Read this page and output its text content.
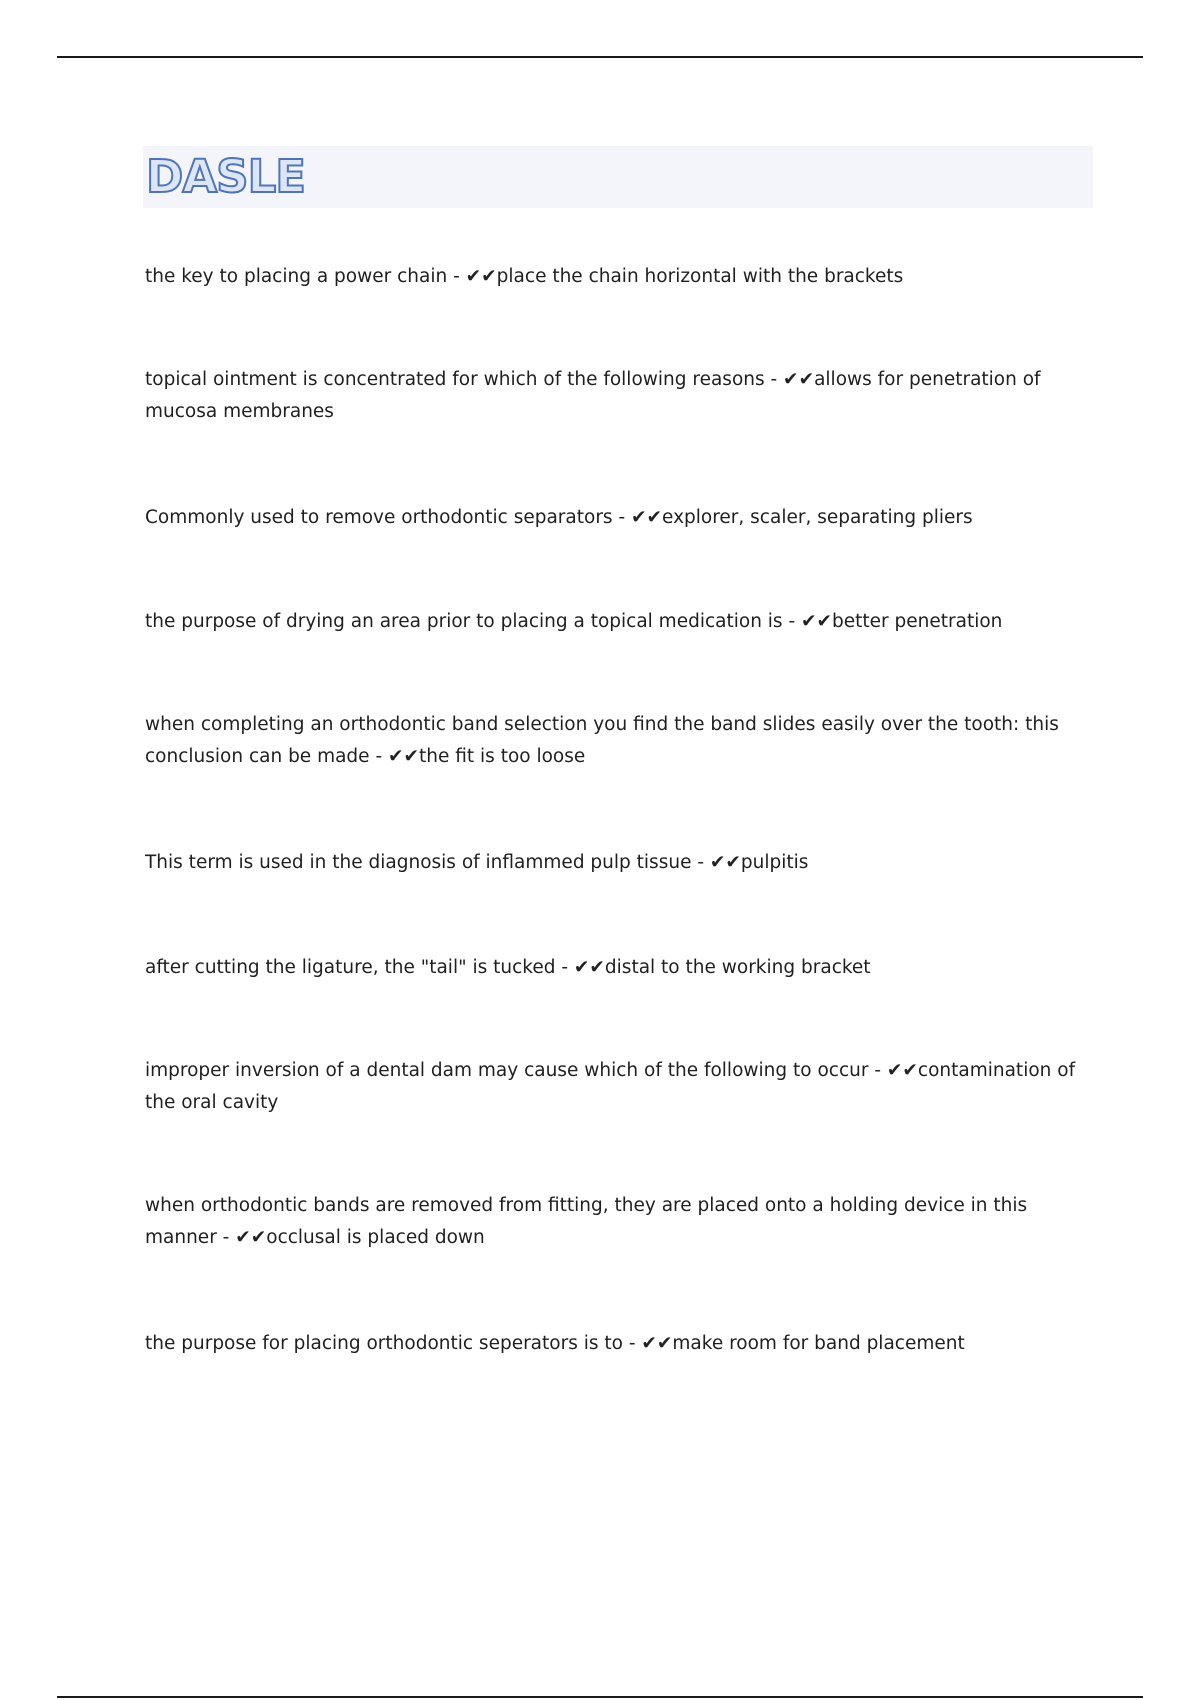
DASLE

the key to placing a power chain - ✔​✔​place the chain horizontal with the brackets

topical ointment is concentrated for which of the following reasons - ✔​✔​allows for penetration of mucosa membranes

Commonly used to remove orthodontic separators - ✔​✔​explorer, scaler, separating pliers

the purpose of drying an area prior to placing a topical medication is - ✔​✔​better penetration

when completing an orthodontic band selection you find the band slides easily over the tooth: this conclusion can be made - ✔​✔​the fit is too loose

This term is used in the diagnosis of inflammed pulp tissue - ✔​✔​pulpitis

after cutting the ligature, the "tail" is tucked - ✔​✔​distal to the working bracket

improper inversion of a dental dam may cause which of the following to occur - ✔​✔​contamination of the oral cavity

when orthodontic bands are removed from fitting, they are placed onto a holding device in this manner - ✔​✔​occlusal is placed down

the purpose for placing orthodontic seperators is to - ✔​✔​make room for band placement
